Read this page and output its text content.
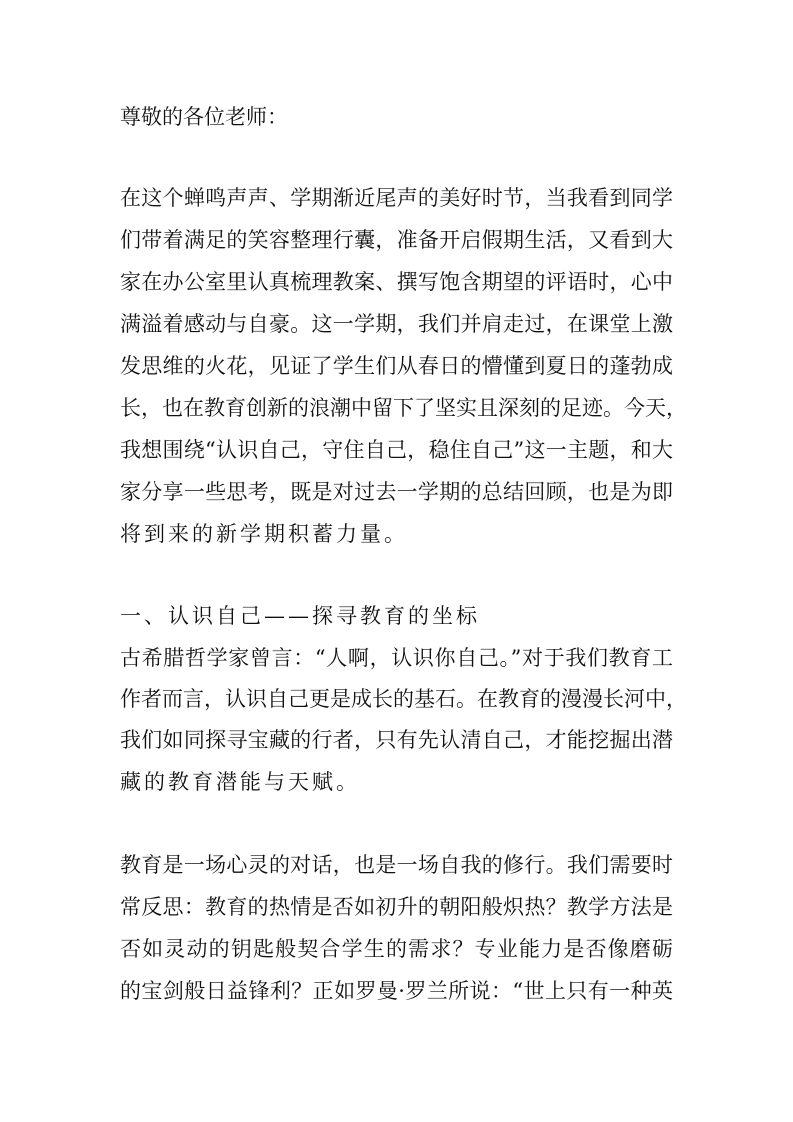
尊敬的各位老师：
在这个蝉鸣声声、学期渐近尾声的美好时节，当我看到同学
们带着满足的笑容整理行囊，准备开启假期生活，又看到大
家在办公室里认真梳理教案、撰写饱含期望的评语时，心中
满溢着感动与自豪。这一学期，我们并肩走过，在课堂上激
发思维的火花，见证了学生们从春日的懵懂到夏日的蓬勃成
长，也在教育创新的浪潮中留下了坚实且深刻的足迹。今天，
我想围绕“认识自己，守住自己，稳住自己”这一主题，和大
家分享一些思考，既是对过去一学期的总结回顾，也是为即
将到来的新学期积蓄力量。
一、认识自己——探寻教育的坐标
古希腊哲学家曾言：“人啊，认识你自己。”对于我们教育工
作者而言，认识自己更是成长的基石。在教育的漫漫长河中，
我们如同探寻宝藏的行者，只有先认清自己，才能挖掘出潜
藏的教育潜能与天赋。
教育是一场心灵的对话，也是一场自我的修行。我们需要时
常反思：教育的热情是否如初升的朝阳般炽热？教学方法是
否如灵动的钥匙般契合学生的需求？专业能力是否像磨砺
的宝剑般日益锋利？正如罗曼·罗兰所说：“世上只有一种英
